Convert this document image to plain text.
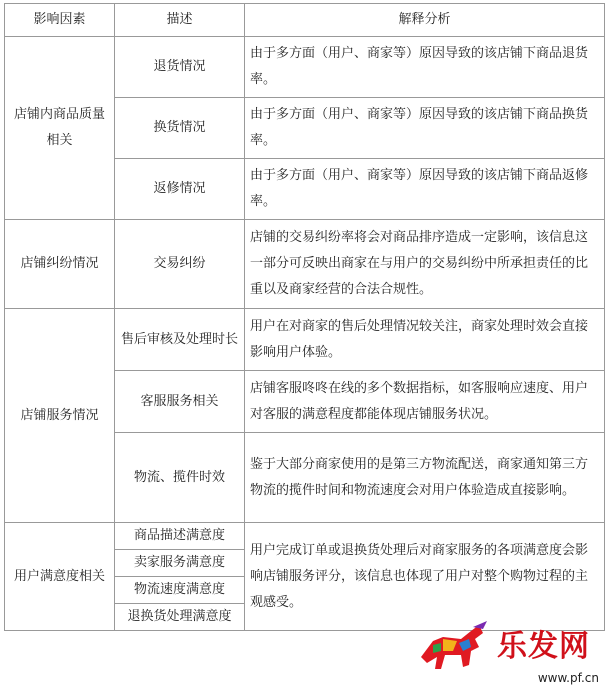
影响因素	描述	解释分析
店铺内商品质量相关	退货情况	由于多方面（用户、商家等）原因导致的该店铺下商品退货率。
	换货情况	由于多方面（用户、商家等）原因导致的该店铺下商品换货率。
	返修情况	由于多方面（用户、商家等）原因导致的该店铺下商品返修率。
店铺纠纷情况	交易纠纷	店铺的交易纠纷率将会对商品排序造成一定影响，该信息这一部分可反映出商家在与用户的交易纠纷中所承担责任的比重以及商家经营的合法合规性。
店铺服务情况	售后审核及处理时长	用户在对商家的售后处理情况较关注，商家处理时效会直接影响用户体验。
	客服服务相关	店铺客服咚咚在线的多个数据指标，如客服响应速度、用户对客服的满意程度都能体现店铺服务状况。
	物流、揽件时效	鉴于大部分商家使用的是第三方物流配送，商家通知第三方物流的揽件时间和物流速度会对用户体验造成直接影响。
用户满意度相关	商品描述满意度	用户完成订单或退换货处理后对商家服务的各项满意度会影响店铺服务评分，该信息也体现了用户对整个购物过程的主观感受。
	卖家服务满意度	
	物流速度满意度	
	退换货处理满意度	
乐发网
www.pf.cn
